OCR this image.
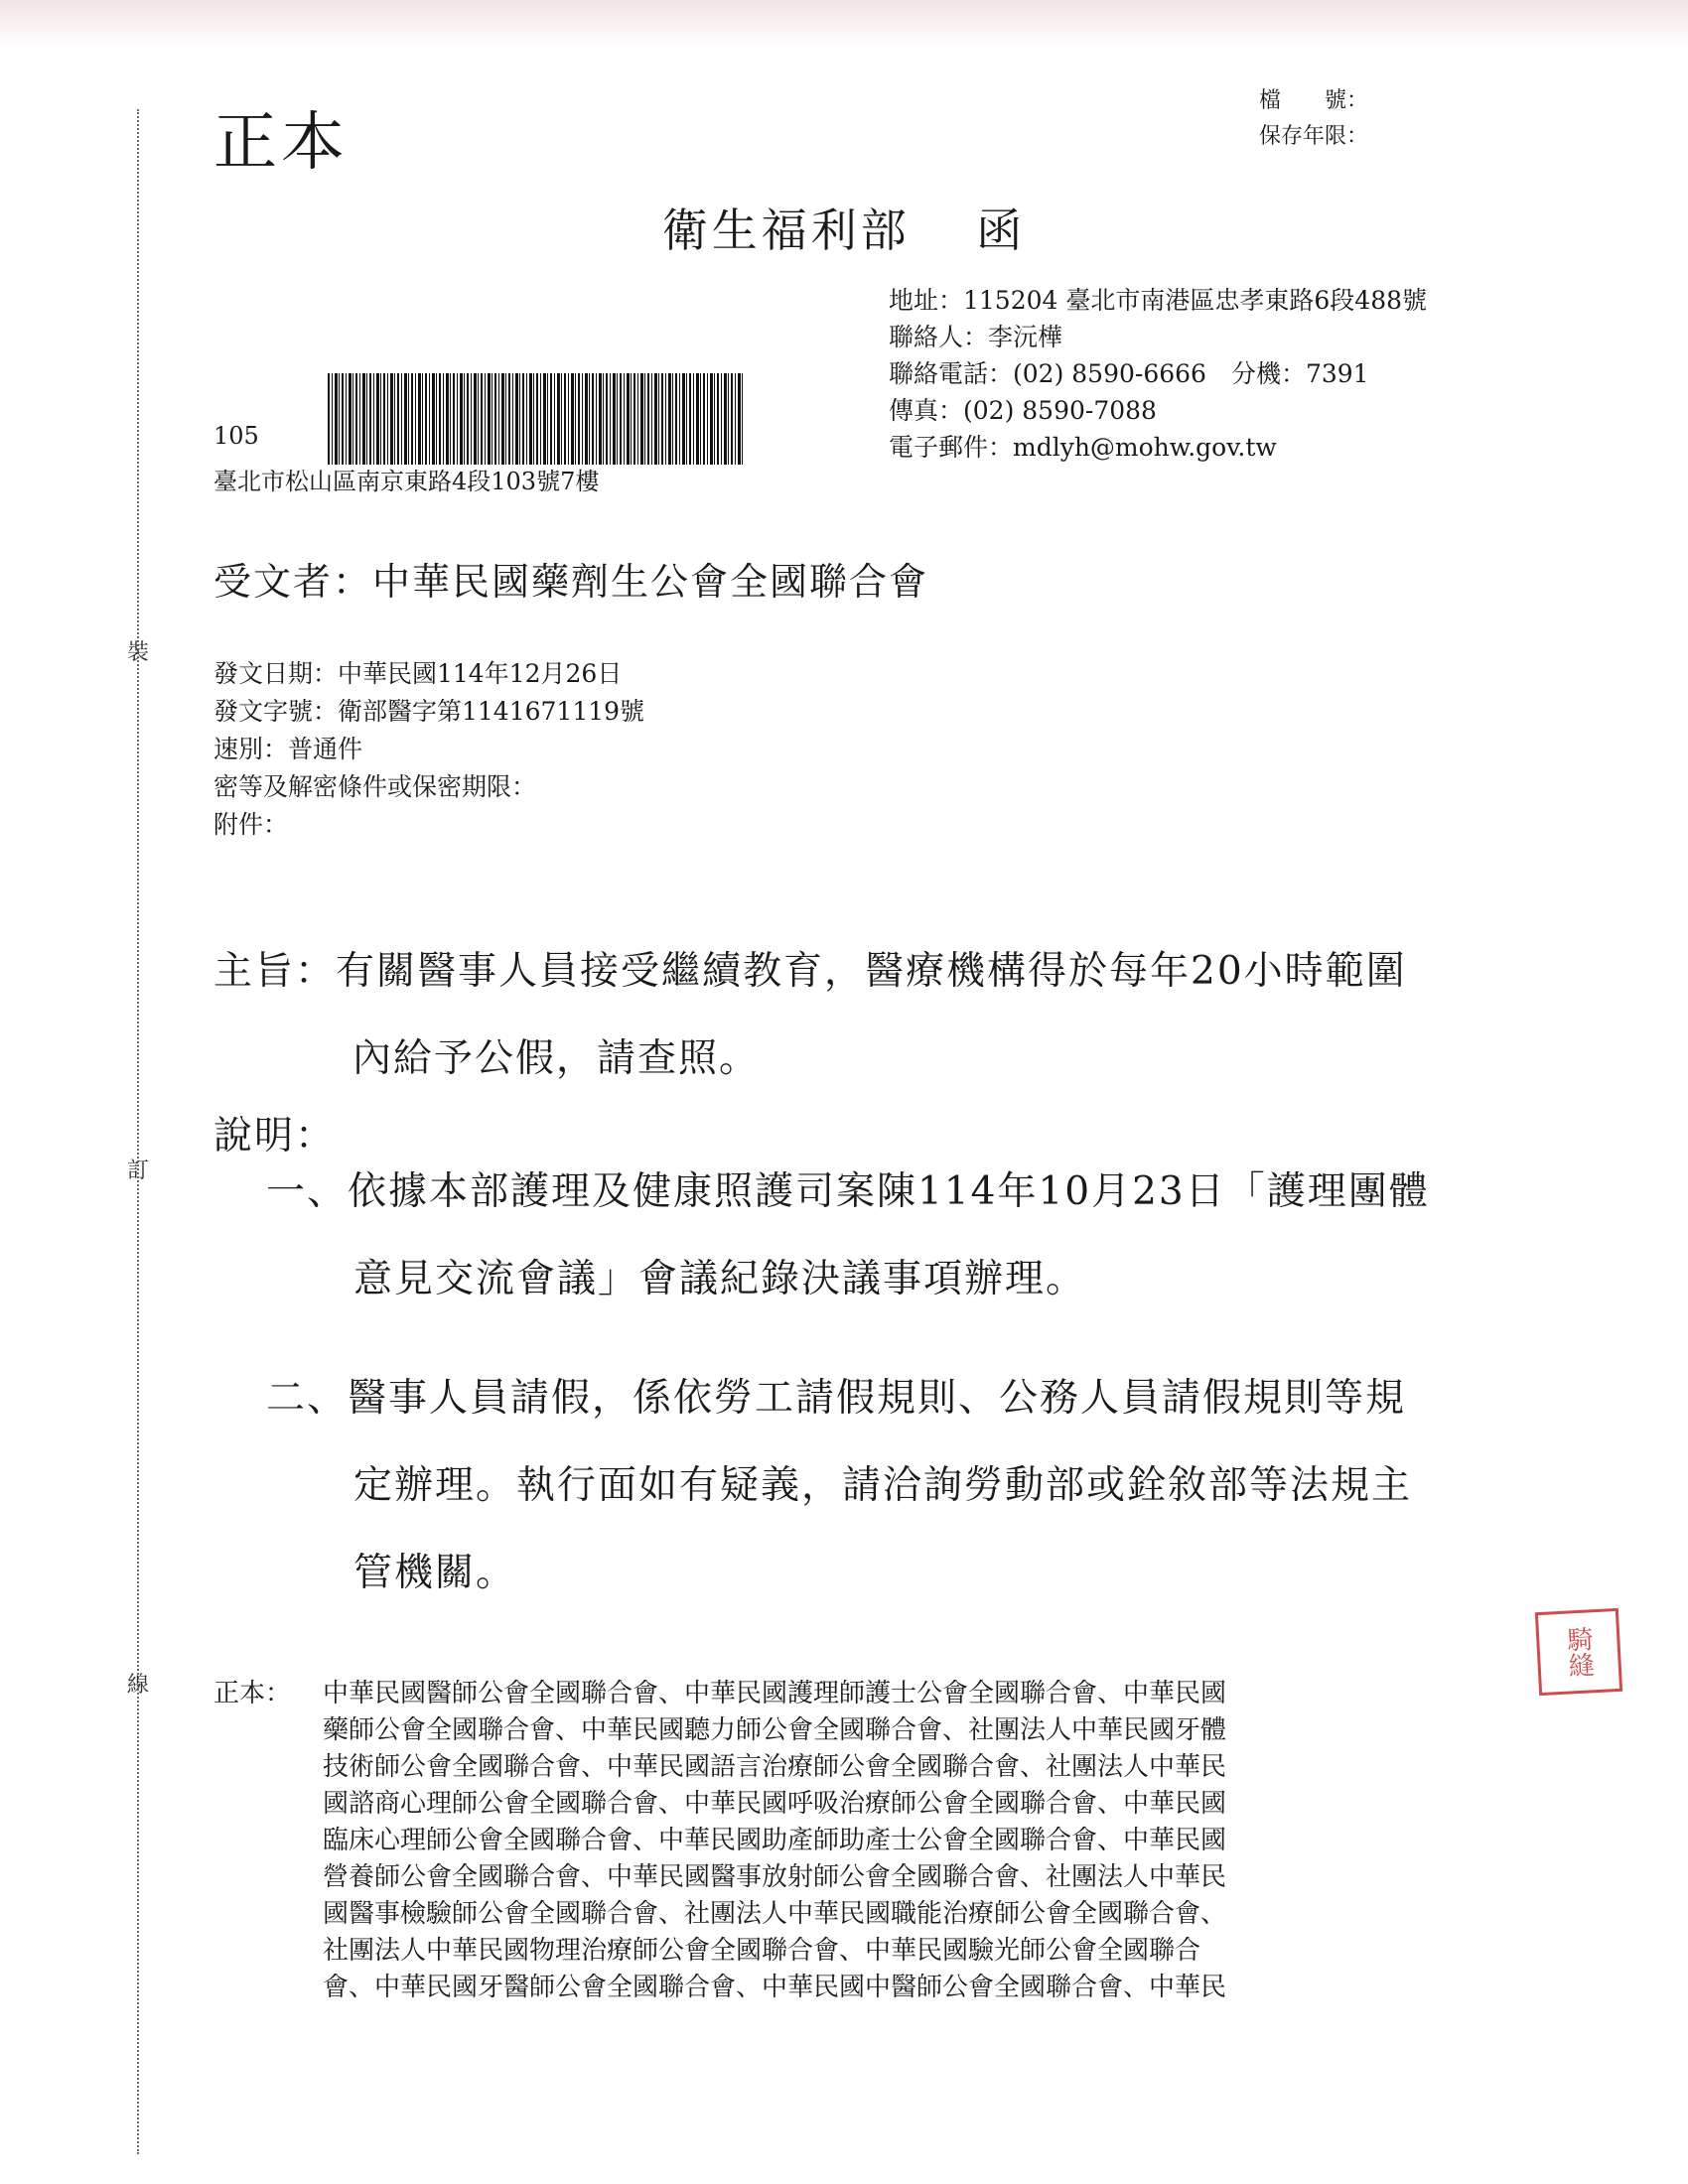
裝
訂
線
正本
檔　　號：
保存年限：
衛生福利部 函
地址：115204 臺北市南港區忠孝東路6段488號
聯絡人：李沅樺
聯絡電話：(02) 8590-6666　分機：7391
傳真：(02) 8590-7088
電子郵件：mdlyh@mohw.gov.tw
105
臺北市松山區南京東路4段103號7樓
受文者：中華民國藥劑生公會全國聯合會
發文日期：中華民國114年12月26日
發文字號：衛部醫字第1141671119號
速別：普通件
密等及解密條件或保密期限：
附件：
主旨：有關醫事人員接受繼續教育，醫療機構得於每年20小時範圍
內給予公假，請查照。
說明：
一、依據本部護理及健康照護司案陳114年10月23日「護理團體
意見交流會議」會議紀錄決議事項辦理。
二、醫事人員請假，係依勞工請假規則、公務人員請假規則等規
定辦理。執行面如有疑義，請洽詢勞動部或銓敘部等法規主
管機關。
正本： 中華民國醫師公會全國聯合會、中華民國護理師護士公會全國聯合會、中華民國
藥師公會全國聯合會、中華民國聽力師公會全國聯合會、社團法人中華民國牙體
技術師公會全國聯合會、中華民國語言治療師公會全國聯合會、社團法人中華民
國諮商心理師公會全國聯合會、中華民國呼吸治療師公會全國聯合會、中華民國
臨床心理師公會全國聯合會、中華民國助產師助產士公會全國聯合會、中華民國
營養師公會全國聯合會、中華民國醫事放射師公會全國聯合會、社團法人中華民
國醫事檢驗師公會全國聯合會、社團法人中華民國職能治療師公會全國聯合會、
社團法人中華民國物理治療師公會全國聯合會、中華民國驗光師公會全國聯合
會、中華民國牙醫師公會全國聯合會、中華民國中醫師公會全國聯合會、中華民
騎縫
